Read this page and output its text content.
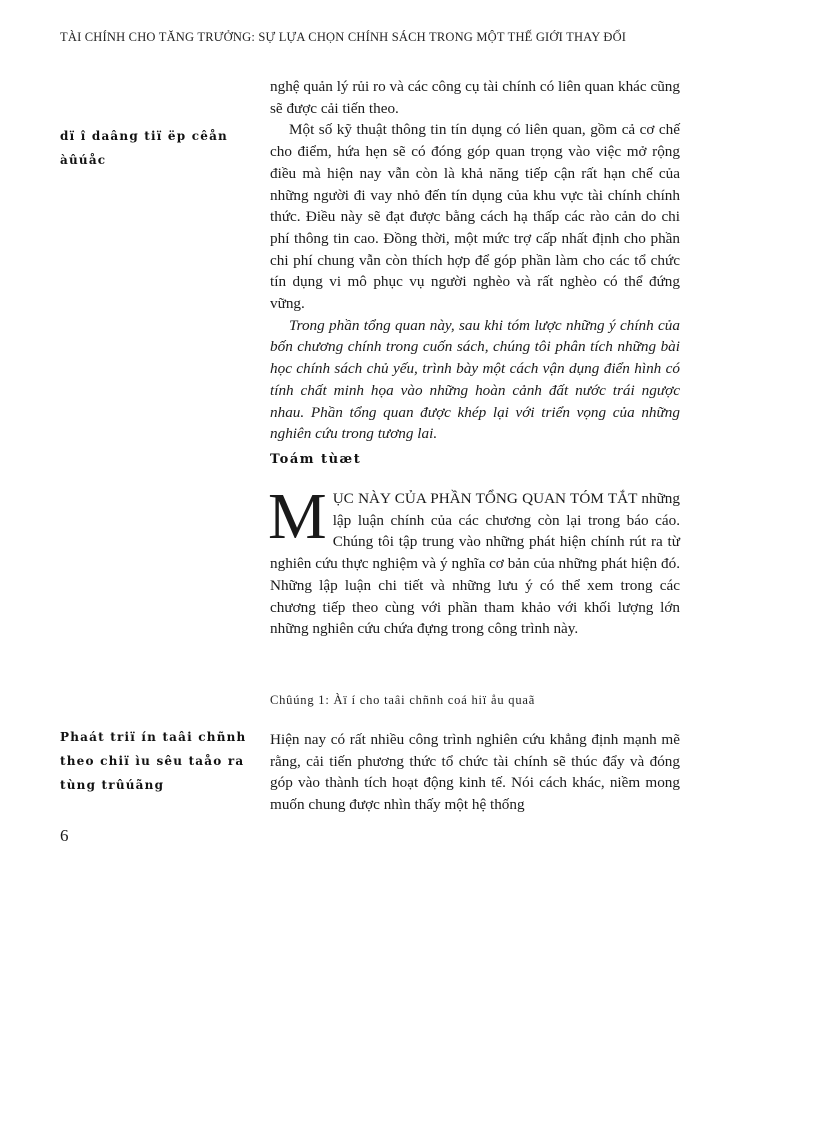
TÀI CHÍNH CHO TĂNG TRƯỞNG: SỰ LỰA CHỌN CHÍNH SÁCH TRONG MỘT THẾ GIỚI THAY ĐỔI
dï î daâng tiï ëp cêån àûúåc

nghệ quản lý rủi ro và các công cụ tài chính có liên quan khác cũng sẽ được cải tiến theo.

Một số kỹ thuật thông tin tín dụng có liên quan, gồm cả cơ chế cho điểm, hứa hẹn sẽ có đóng góp quan trọng vào việc mở rộng điều mà hiện nay vẫn còn là khả năng tiếp cận rất hạn chế của những người đi vay nhỏ đến tín dụng của khu vực tài chính chính thức. Điều này sẽ đạt được bằng cách hạ thấp các rào cản do chi phí thông tin cao. Đồng thời, một mức trợ cấp nhất định cho phần chi phí chung vẫn còn thích hợp để góp phần làm cho các tổ chức tín dụng vi mô phục vụ người nghèo và rất nghèo có thể đứng vững.

Trong phần tổng quan này, sau khi tóm lược những ý chính của bốn chương chính trong cuốn sách, chúng tôi phân tích những bài học chính sách chủ yếu, trình bày một cách vận dụng điển hình có tính chất minh họa vào những hoàn cảnh đất nước trái ngược nhau. Phần tổng quan được khép lại với triển vọng của những nghiên cứu trong tương lai.

Toám tùæt

M ỤC NÀY CỦA PHẦN TỔNG QUAN TÓM TẮT những lập luận chính của các chương còn lại trong báo cáo. Chúng tôi tập trung vào những phát hiện chính rút ra từ nghiên cứu thực nghiệm và ý nghĩa cơ bản của những phát hiện đó. Những lập luận chi tiết và những lưu ý có thể xem trong các chương tiếp theo cùng với phần tham khảo với khối lượng lớn những nghiên cứu chứa đựng trong công trình này.

Chûúng 1: Àï í cho taâi chñnh coá hiï åu quaã
Phaát triï ín taâi chñnh theo chiï ìu sêu taåo ra tùng trûúãng

Hiện nay có rất nhiều công trình nghiên cứu khẳng định mạnh mẽ rằng, cải tiến phương thức tổ chức tài chính sẽ thúc đẩy và đóng góp vào thành tích hoạt động kinh tế. Nói cách khác, niềm mong muốn chung được nhìn thấy một hệ thống

6
